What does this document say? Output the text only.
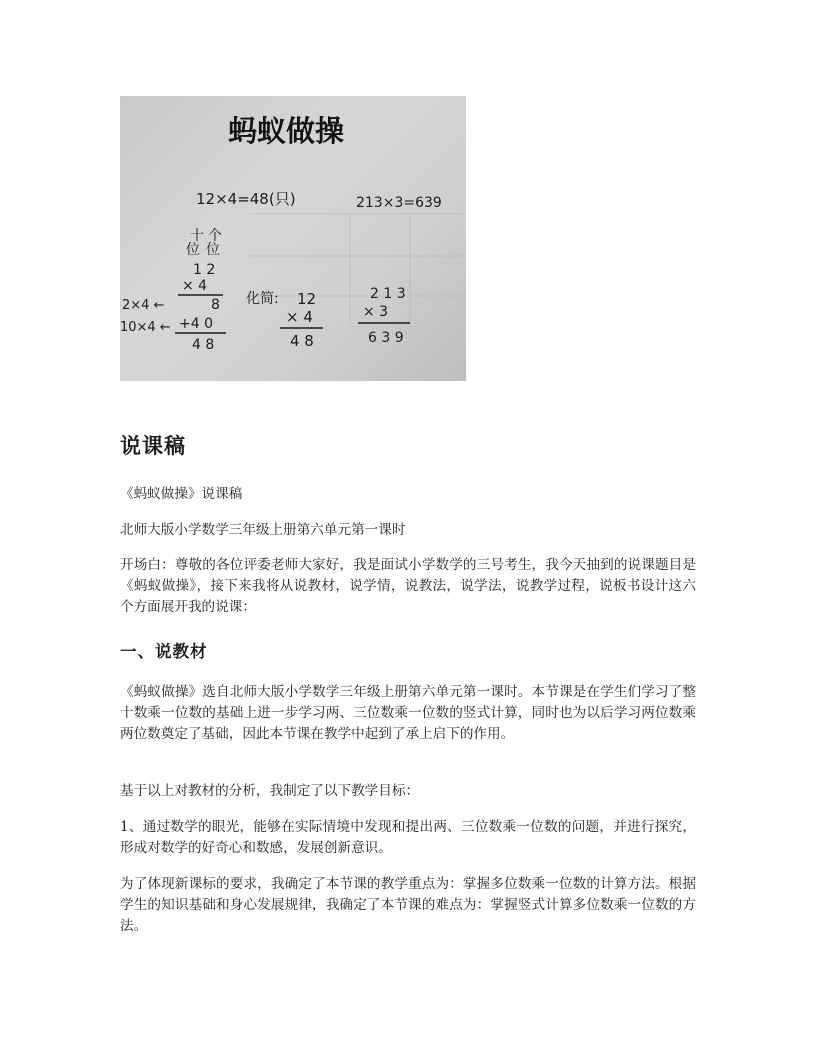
蚂蚁做操
12×4=48(只)	213×3=639
十 个
位 位
1 2
× 4
8
+4 0
4 8
2×4 ←
10×4 ←
化简: 12
× 4
4 8
2 1 3
× 3
6 3 9
说课稿

《蚂蚁做操》说课稿

北师大版小学数学三年级上册第六单元第一课时

开场白：尊敬的各位评委老师大家好，我是面试小学数学的三号考生，我今天抽到的说课题目是《蚂蚁做操》，接下来我将从说教材，说学情，说教法，说学法，说教学过程，说板书设计这六个方面展开我的说课：

一、说教材

《蚂蚁做操》选自北师大版小学数学三年级上册第六单元第一课时。本节课是在学生们学习了整十数乘一位数的基础上进一步学习两、三位数乘一位数的竖式计算，同时也为以后学习两位数乘两位数奠定了基础，因此本节课在教学中起到了承上启下的作用。

基于以上对教材的分析，我制定了以下教学目标：

1、通过数学的眼光，能够在实际情境中发现和提出两、三位数乘一位数的问题，并进行探究，形成对数学的好奇心和数感，发展创新意识。

为了体现新课标的要求，我确定了本节课的教学重点为：掌握多位数乘一位数的计算方法。根据学生的知识基础和身心发展规律，我确定了本节课的难点为：掌握竖式计算多位数乘一位数的方法。
